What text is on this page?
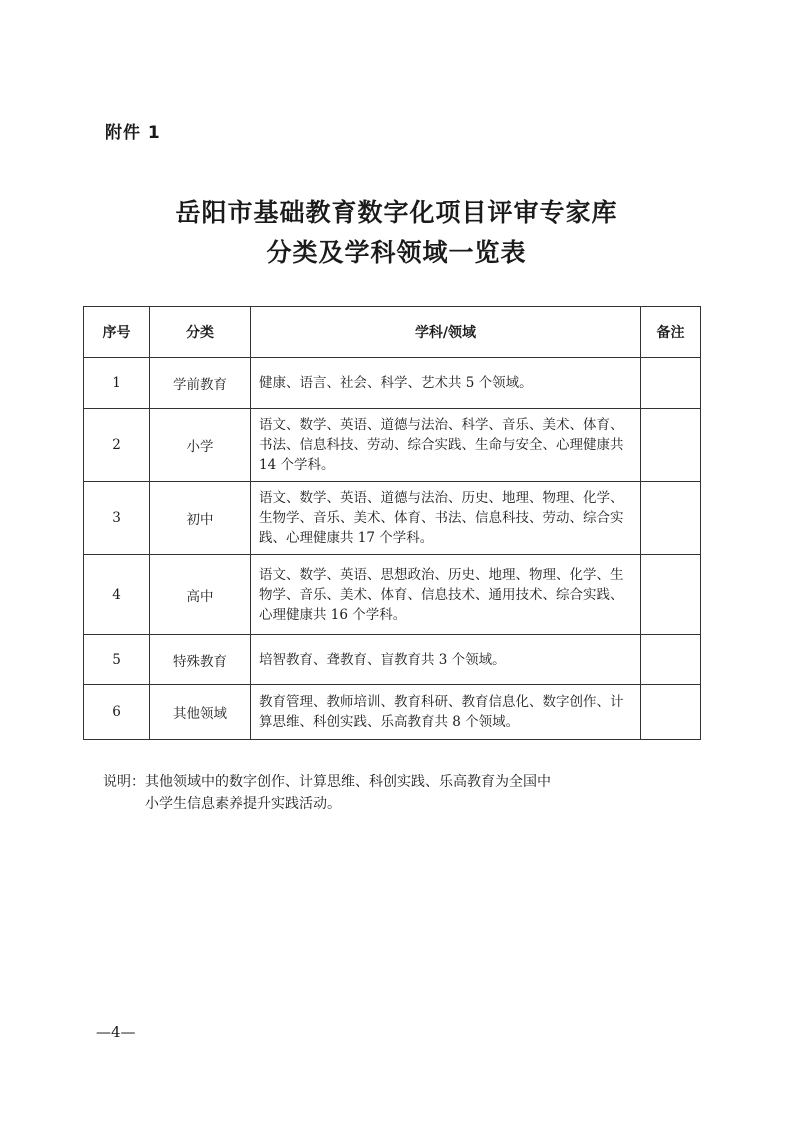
附件 1
岳阳市基础教育数字化项目评审专家库
分类及学科领域一览表
序号	分类	学科/领域	备注
1	学前教育	健康、语言、社会、科学、艺术共 5 个领域。	
2	小学	语文、数学、英语、道德与法治、科学、音乐、美术、体育、书法、信息科技、劳动、综合实践、生命与安全、心理健康共 14 个学科。	
3	初中	语文、数学、英语、道德与法治、历史、地理、物理、化学、生物学、音乐、美术、体育、书法、信息科技、劳动、综合实践、心理健康共 17 个学科。	
4	高中	语文、数学、英语、思想政治、历史、地理、物理、化学、生物学、音乐、美术、体育、信息技术、通用技术、综合实践、心理健康共 16 个学科。	
5	特殊教育	培智教育、聋教育、盲教育共 3 个领域。	
6	其他领域	教育管理、教师培训、教育科研、教育信息化、数字创作、计算思维、科创实践、乐高教育共 8 个领域。	
说明：其他领域中的数字创作、计算思维、科创实践、乐高教育为全国中
小学生信息素养提升实践活动。
—4—
